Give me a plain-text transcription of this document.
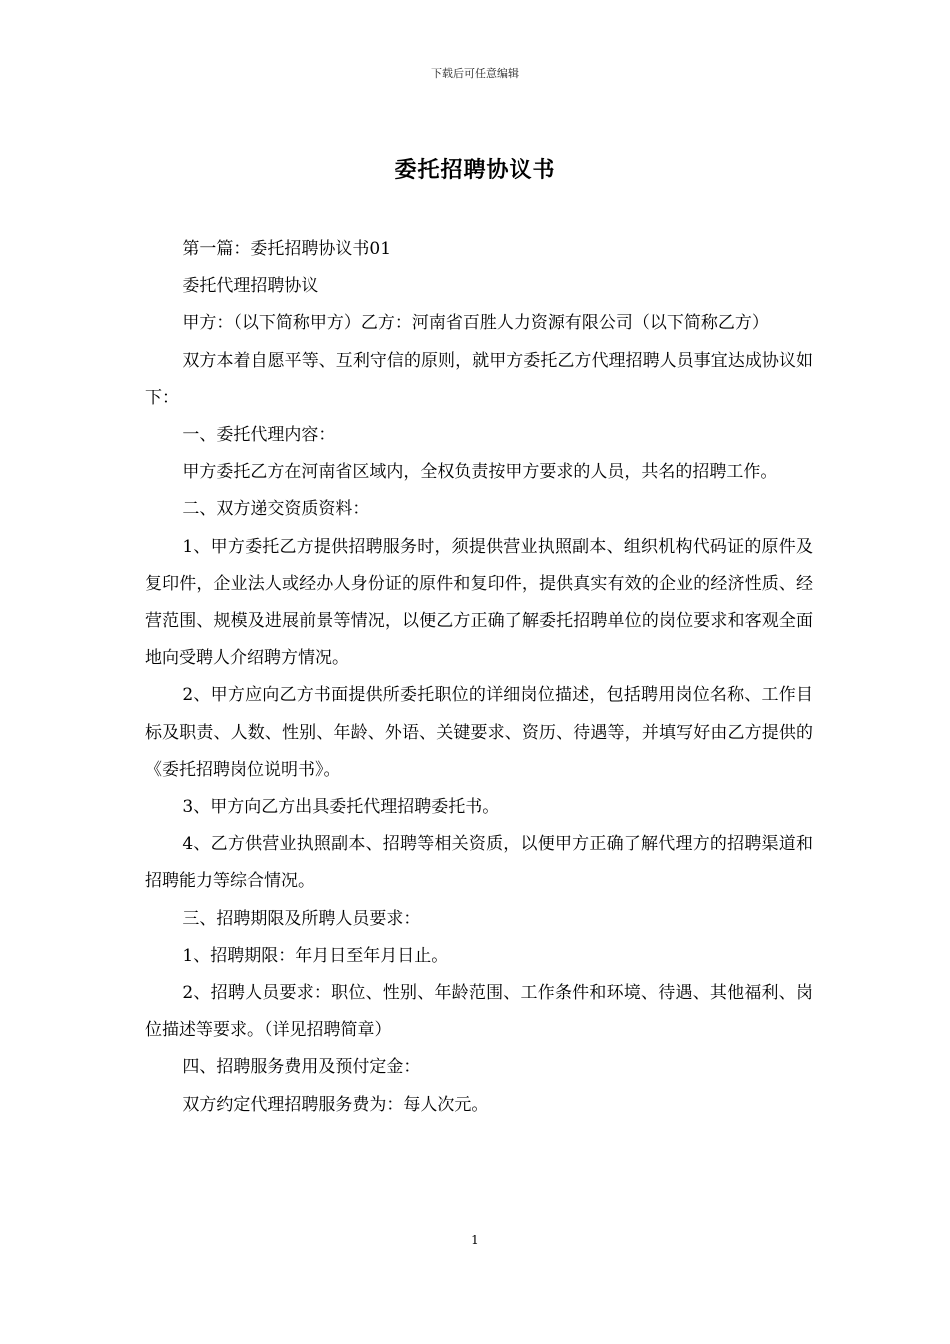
下载后可任意编辑
委托招聘协议书

第一篇：委托招聘协议书01

委托代理招聘协议

甲方：（以下简称甲方）乙方：河南省百胜人力资源有限公司（以下简称乙方）

双方本着自愿平等、互利守信的原则，就甲方委托乙方代理招聘人员事宜达成协议如下：

一、委托代理内容：

甲方委托乙方在河南省区域内，全权负责按甲方要求的人员，共名的招聘工作。

二、双方递交资质资料：

1、甲方委托乙方提供招聘服务时，须提供营业执照副本、组织机构代码证的原件及复印件，企业法人或经办人身份证的原件和复印件，提供真实有效的企业的经济性质、经营范围、规模及进展前景等情况，以便乙方正确了解委托招聘单位的岗位要求和客观全面地向受聘人介绍聘方情况。

2、甲方应向乙方书面提供所委托职位的详细岗位描述，包括聘用岗位名称、工作目标及职责、人数、性别、年龄、外语、关键要求、资历、待遇等，并填写好由乙方提供的《委托招聘岗位说明书》。

3、甲方向乙方出具委托代理招聘委托书。

4、乙方供营业执照副本、招聘等相关资质，以便甲方正确了解代理方的招聘渠道和招聘能力等综合情况。

三、招聘期限及所聘人员要求：

1、招聘期限：年月日至年月日止。

2、招聘人员要求：职位、性别、年龄范围、工作条件和环境、待遇、其他福利、岗位描述等要求。（详见招聘简章）

四、招聘服务费用及预付定金：

双方约定代理招聘服务费为：每人次元。

1
